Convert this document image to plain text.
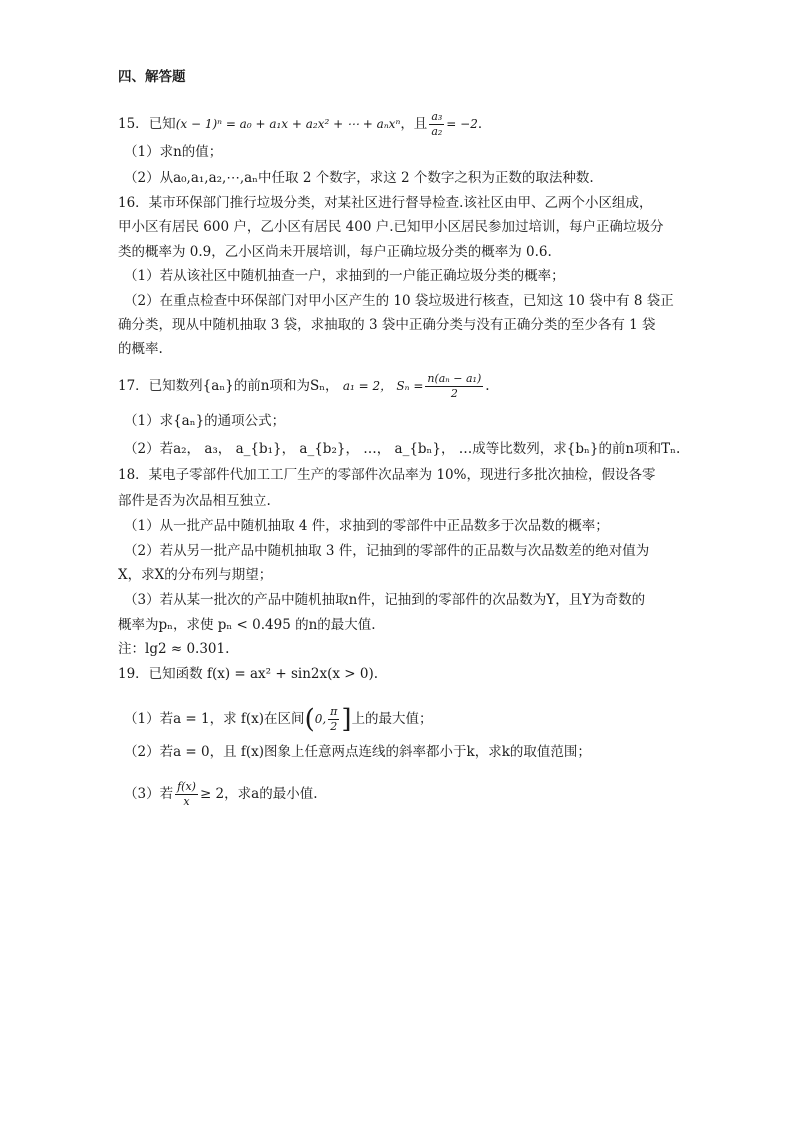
四、解答题
15．已知(x − 1)ⁿ = a₀ + a₁x + a₂x² + ⋯ + aₙxⁿ，且 $\frac{\text{a₃}}{\text{a₂}} = -2$．
（1）求n的值；
（2）从a₀,a₁,a₂,⋯,aₙ中任取 2 个数字，求这 2 个数字之积为正数的取法种数.
16．某市环保部门推行垃圾分类，对某社区进行督导检查.该社区由甲、乙两个小区组成，
甲小区有居民 600 户，乙小区有居民 400 户.已知甲小区居民参加过培训，每户正确垃圾分
类的概率为 0.9，乙小区尚未开展培训，每户正确垃圾分类的概率为 0.6.
（1）若从该社区中随机抽查一户，求抽到的一户能正确垃圾分类的概率；
（2）在重点检查中环保部门对甲小区产生的 10 袋垃圾进行核查，已知这 10 袋中有 8 袋正
确分类，现从中随机抽取 3 袋，求抽取的 3 袋中正确分类与没有正确分类的至少各有 1 袋
的概率.
17．已知数列{aₙ}的前n项和为Sₙ， a₁ = 2， $S_n = \frac{\text{n(aₙ − a₁)}}{2}$ .
（1）求{aₙ}的通项公式；
（2）若a₂， a₃， a_{b₁}， a_{b₂}， …， a_{bₙ}， …成等比数列，求{bₙ}的前n项和Tₙ.
18．某电子零部件代加工工厂生产的零部件次品率为 10%，现进行多批次抽检，假设各零
部件是否为次品相互独立.
（1）从一批产品中随机抽取 4 件，求抽到的零部件中正品数多于次品数的概率；
（2）若从另一批产品中随机抽取 3 件，记抽到的零部件的正品数与次品数差的绝对值为
X，求X的分布列与期望；
（3）若从某一批次的产品中随机抽取n件，记抽到的零部件的次品数为Y，且Y为奇数的
概率为pₙ，求使 pₙ < 0.495 的n的最大值.
注：lg2 ≈ 0.301.
19．已知函数 f(x) = ax² + sin2x(x > 0).
（1）若a = 1，求 f(x)在区间(0, $\frac{\pi}{2}$ ]上的最大值；
（2）若a = 0，且 f(x)图象上任意两点连线的斜率都小于k，求k的取值范围；
（3）若 $\frac{f(x)}{x} \ge 2$，求a的最小值.
